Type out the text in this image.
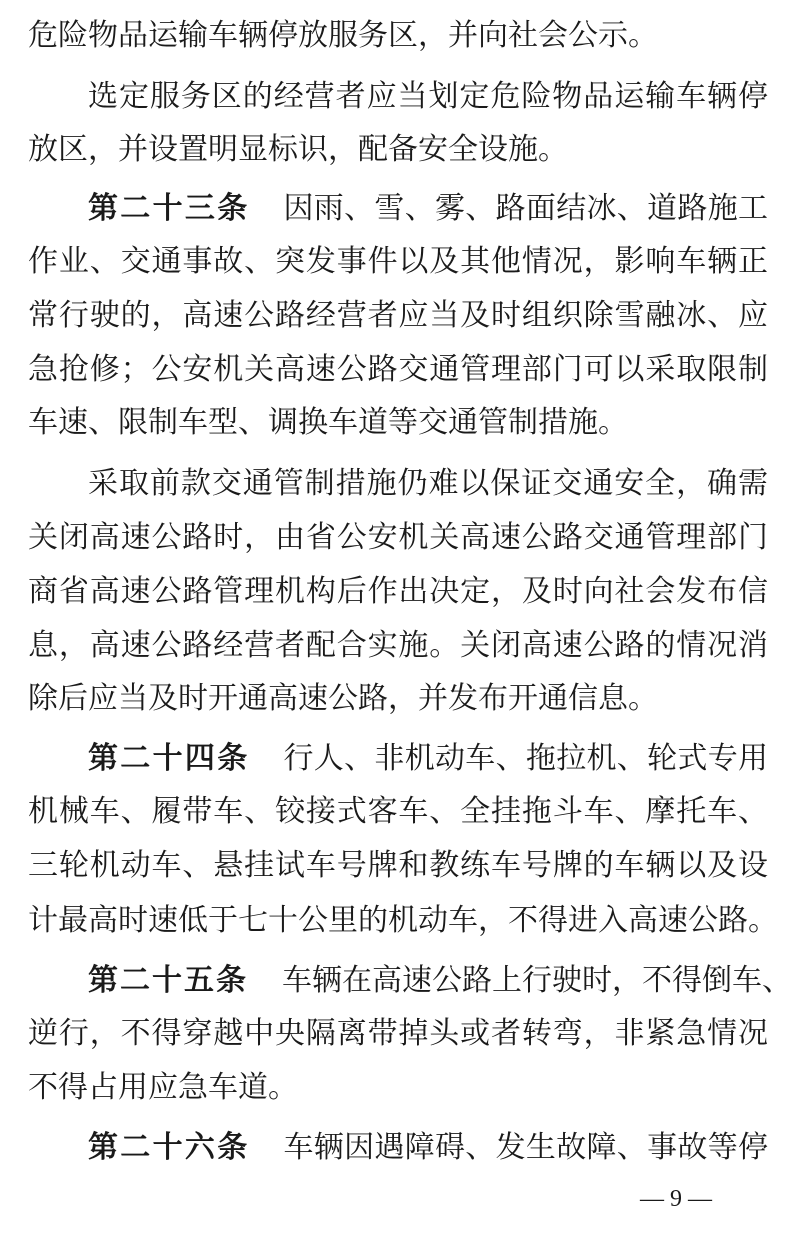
危险物品运输车辆停放服务区，并向社会公示。
选定服务区的经营者应当划定危险物品运输车辆停
放区，并设置明显标识，配备安全设施。
第二十三条 因雨、雪、雾、路面结冰、道路施工
作业、交通事故、突发事件以及其他情况，影响车辆正
常行驶的，高速公路经营者应当及时组织除雪融冰、应
急抢修；公安机关高速公路交通管理部门可以采取限制
车速、限制车型、调换车道等交通管制措施。
采取前款交通管制措施仍难以保证交通安全，确需
关闭高速公路时，由省公安机关高速公路交通管理部门
商省高速公路管理机构后作出决定，及时向社会发布信
息，高速公路经营者配合实施。关闭高速公路的情况消
除后应当及时开通高速公路，并发布开通信息。
第二十四条 行人、非机动车、拖拉机、轮式专用
机械车、履带车、铰接式客车、全挂拖斗车、摩托车、
三轮机动车、悬挂试车号牌和教练车号牌的车辆以及设
计最高时速低于七十公里的机动车，不得进入高速公路。
第二十五条 车辆在高速公路上行驶时，不得倒车、
逆行，不得穿越中央隔离带掉头或者转弯，非紧急情况
不得占用应急车道。
第二十六条 车辆因遇障碍、发生故障、事故等停
— 9 —
